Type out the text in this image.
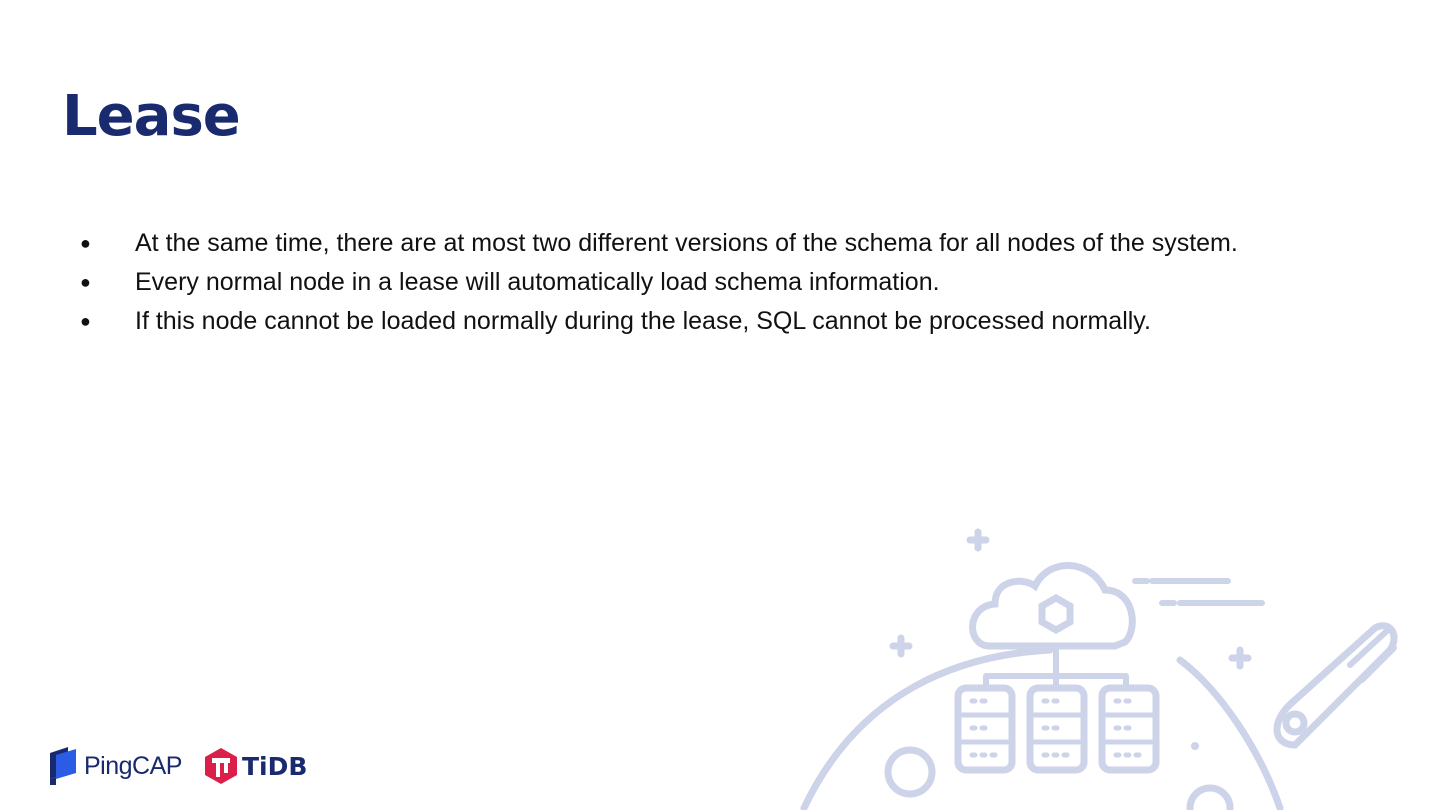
Lease
● At the same time, there are at most two different versions of the schema for all nodes of the system.
● Every normal node in a lease will automatically load schema information.
● If this node cannot be loaded normally during the lease, SQL cannot be processed normally.
PingCAP TiDB
